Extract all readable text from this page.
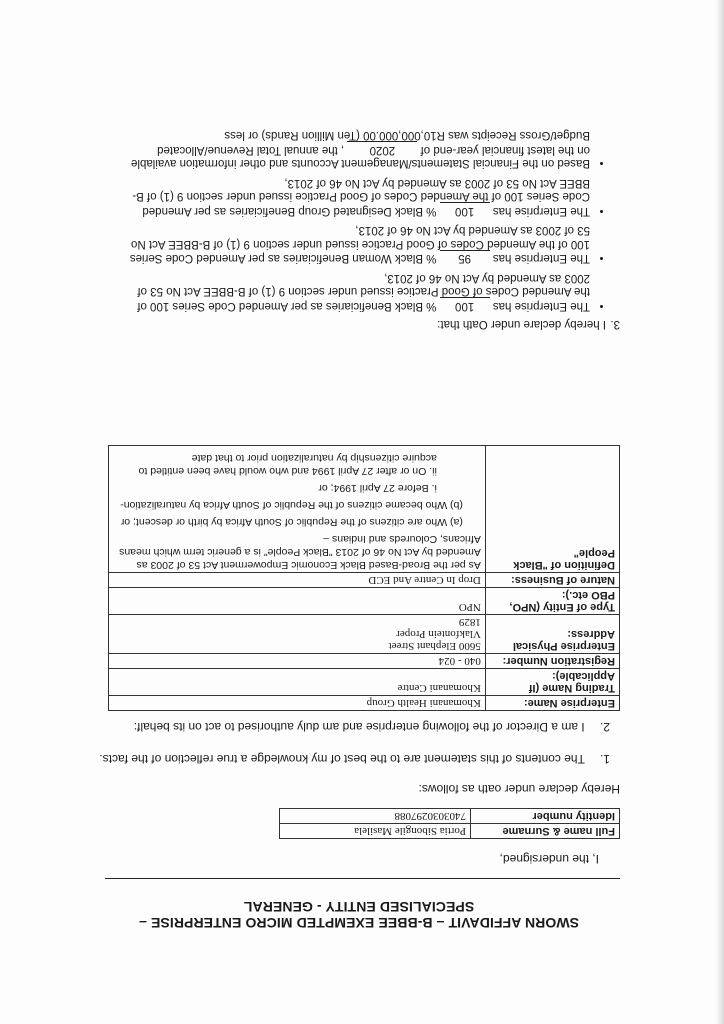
SWORN AFFIDAVIT – B-BBEE EXEMPTED MICRO ENTERPRISE – SPECIALISED ENTITY - GENERAL
I, the undersigned,
Full name & Surname	Portia Sibongile Masilela	
Identity number	7403030297088	
Hereby declare under oath as follows:
1. The contents of this statement are to the best of my knowledge a true reflection of the facts.
2. I am a Director of the following enterprise and am duly authorised to act on its behalf:
Enterprise Name:	Khomanani Health Group
Trading Name (If Applicable):	Khomanani Centre
Registration Number:	040 - 024
Enterprise Physical Address:	5600 Elephant Street
Vlakfontein Proper
1829

Type of Entity (NPO, PBO etc.):	NPO
Nature of Business:	Drop In Centre And ECD
Definition of "Black People"	As per the Broad-Based Black Economic Empowerment Act 53 of 2003 as Amended by Act No 46 of 2013 "Black People" is a generic term which means Africans, Coloureds and Indians –
(a) Who are citizens of the Republic of South Africa by birth or descent; or
(b) Who became citizens of the Republic of South Africa by naturalization-
i. Before 27 April 1994; or
ii. On or after 27 April 1994 and who would have been entitled to acquire citizenship by naturalization prior to that date
3.
I hereby declare under Oath that:
• The Enterprise has 100 % Black Beneficiaries as per Amended Code Series 100 of the Amended Codes of Good Practice issued under section 9 (1) of B-BBEE Act No 53 of 2003 as Amended by Act No 46 of 2013,
• The Enterprise has 95 % Black Woman Beneficiaries as per Amended Code Series 100 of the Amended Codes of Good Practice issued under section 9 (1) of B-BBEE Act No 53 of 2003 as Amended by Act No 46 of 2013,
• The Enterprise has 100 % Black Designated Group Beneficiaries as per Amended Code Series 100 of the Amended Codes of Good Practice issued under section 9 (1) of B-BBEE Act No 53 of 2003 as Amended by Act No 46 of 2013,
• Based on the Financial Statements/Management Accounts and other information available on the latest financial year-end of 2020 , the annual Total Revenue/Allocated Budget/Gross Receipts was R10,000,000.00 (Ten Million Rands) or less
